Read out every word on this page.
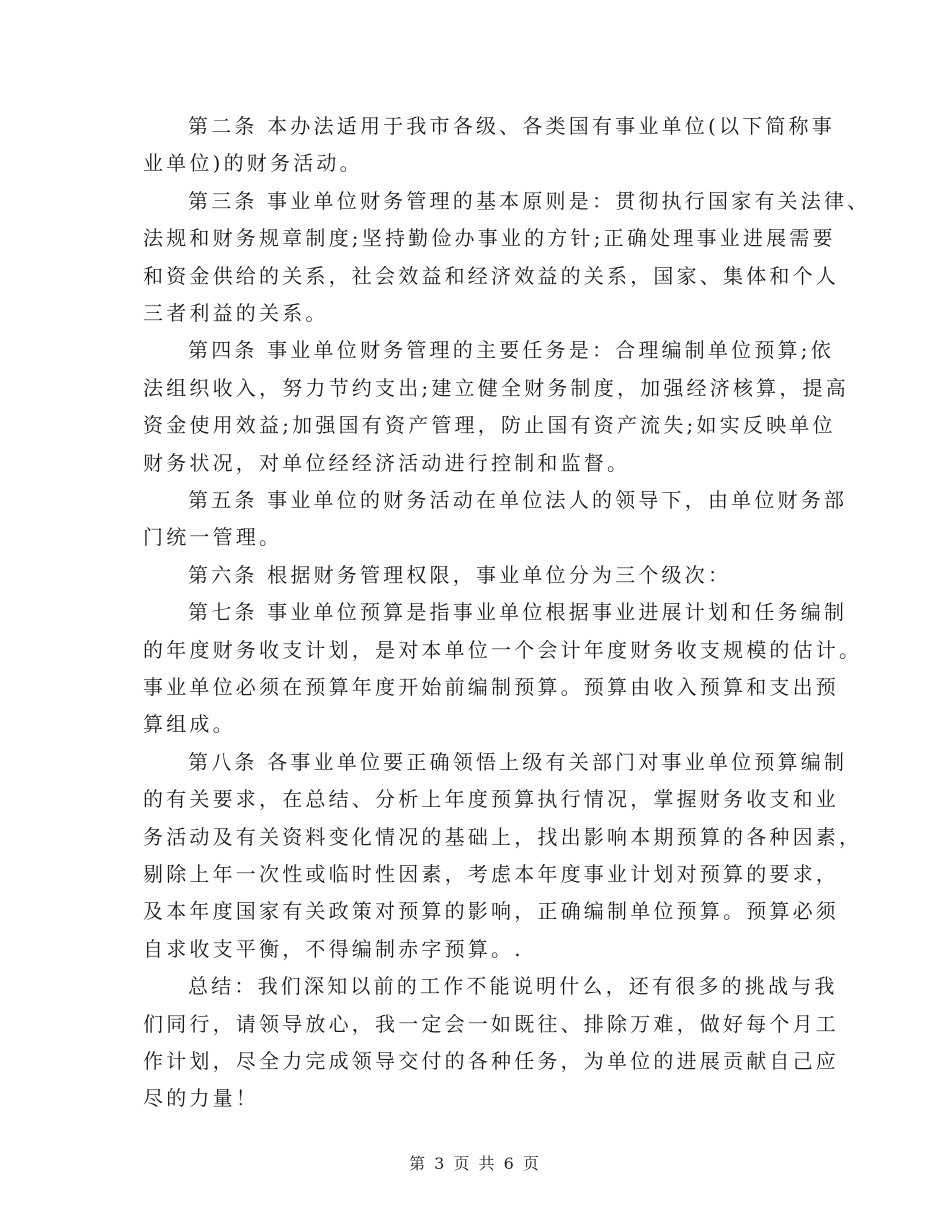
第二条 本办法适用于我市各级、各类国有事业单位(以下简称事
业单位)的财务活动。
第三条 事业单位财务管理的基本原则是：贯彻执行国家有关法律、
法规和财务规章制度;坚持勤俭办事业的方针;正确处理事业进展需要
和资金供给的关系，社会效益和经济效益的关系，国家、集体和个人
三者利益的关系。
第四条 事业单位财务管理的主要任务是：合理编制单位预算;依
法组织收入，努力节约支出;建立健全财务制度，加强经济核算，提高
资金使用效益;加强国有资产管理，防止国有资产流失;如实反映单位
财务状况，对单位经经济活动进行控制和监督。
第五条 事业单位的财务活动在单位法人的领导下，由单位财务部
门统一管理。
第六条 根据财务管理权限，事业单位分为三个级次：
第七条 事业单位预算是指事业单位根据事业进展计划和任务编制
的年度财务收支计划，是对本单位一个会计年度财务收支规模的估计。
事业单位必须在预算年度开始前编制预算。预算由收入预算和支出预
算组成。
第八条 各事业单位要正确领悟上级有关部门对事业单位预算编制
的有关要求，在总结、分析上年度预算执行情况，掌握财务收支和业
务活动及有关资料变化情况的基础上，找出影响本期预算的各种因素，
剔除上年一次性或临时性因素，考虑本年度事业计划对预算的要求，
及本年度国家有关政策对预算的影响，正确编制单位预算。预算必须
自求收支平衡，不得编制赤字预算。.
总结：我们深知以前的工作不能说明什么，还有很多的挑战与我
们同行，请领导放心，我一定会一如既往、排除万难，做好每个月工
作计划，尽全力完成领导交付的各种任务，为单位的进展贡献自己应
尽的力量！
第 3 页 共 6 页
